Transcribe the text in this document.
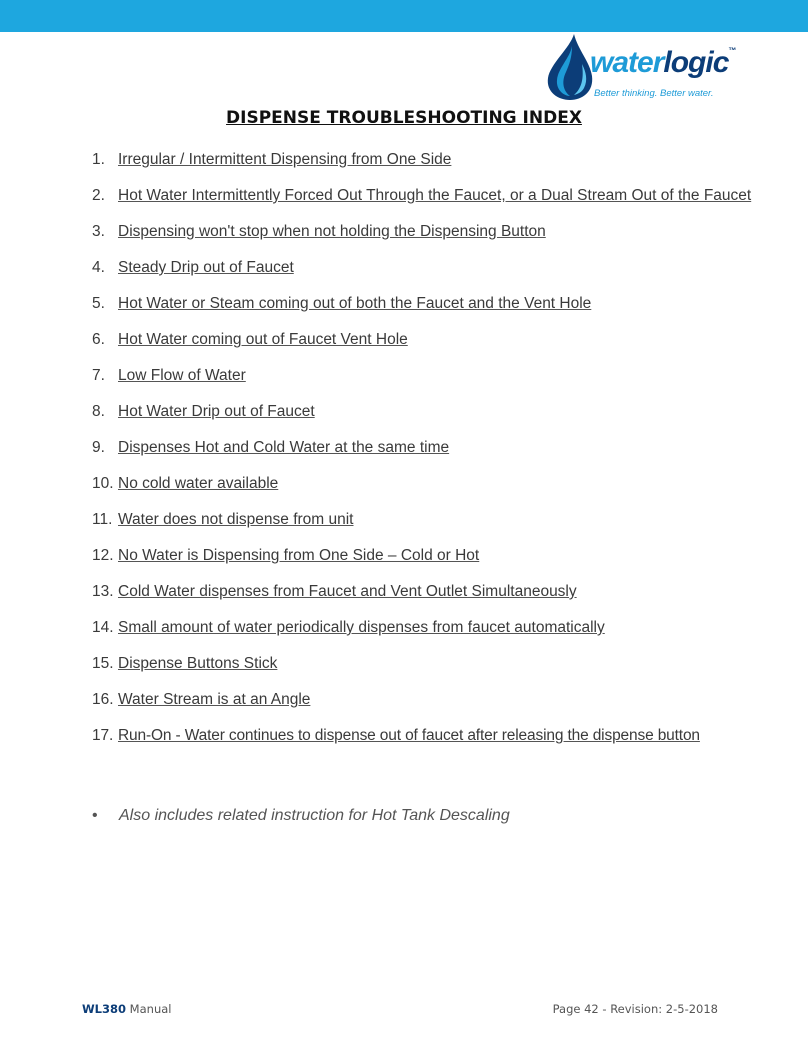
waterlogic™
Better thinking. Better water.
DISPENSE TROUBLESHOOTING INDEX
1. Irregular / Intermittent Dispensing from One Side
2. Hot Water Intermittently Forced Out Through the Faucet, or a Dual Stream Out of the Faucet
3. Dispensing won't stop when not holding the Dispensing Button
4. Steady Drip out of Faucet
5. Hot Water or Steam coming out of both the Faucet and the Vent Hole
6. Hot Water coming out of Faucet Vent Hole
7. Low Flow of Water
8. Hot Water Drip out of Faucet
9. Dispenses Hot and Cold Water at the same time
10. No cold water available
11. Water does not dispense from unit
12. No Water is Dispensing from One Side – Cold or Hot
13. Cold Water dispenses from Faucet and Vent Outlet Simultaneously
14. Small amount of water periodically dispenses from faucet automatically
15. Dispense Buttons Stick
16. Water Stream is at an Angle
17. Run-On - Water continues to dispense out of faucet after releasing the dispense button
• Also includes related instruction for Hot Tank Descaling
WL380 Manual	Page 42 - Revision: 2-5-2018
